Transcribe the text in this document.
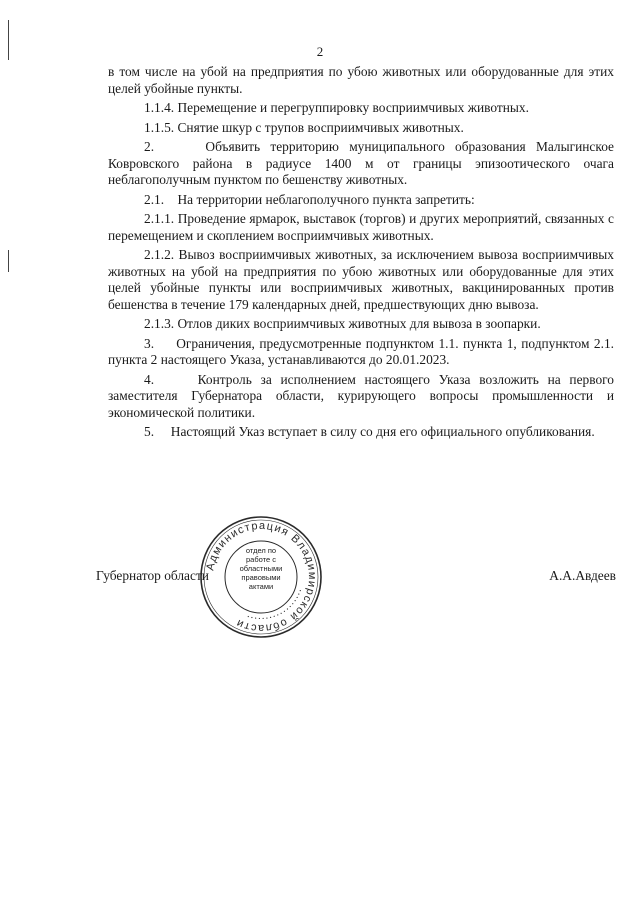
2

в том числе на убой на предприятия по убою животных или оборудованные для этих целей убойные пункты.

1.1.4. Перемещение и перегруппировку восприимчивых животных.

1.1.5. Снятие шкур с трупов восприимчивых животных.

2.     Объявить территорию муниципального образования Малыгинское Ковровского района в радиусе 1400 м от границы эпизоотического очага неблагополучным пунктом по бешенству животных.

2.1.    На территории неблагополучного пункта запретить:

2.1.1. Проведение ярмарок, выставок (торгов) и других мероприятий, связанных с перемещением и скоплением восприимчивых животных.

2.1.2. Вывоз восприимчивых животных, за исключением вывоза восприимчивых животных на убой на предприятия по убою животных или оборудованные для этих целей убойные пункты или восприимчивых животных, вакцинированных против бешенства в течение 179 календарных дней, предшествующих дню вывоза.

2.1.3. Отлов диких восприимчивых животных для вывоза в зоопарки.

3.     Ограничения, предусмотренные подпунктом 1.1. пункта 1, подпунктом 2.1. пункта 2 настоящего Указа, устанавливаются до 20.01.2023.

4.     Контроль за исполнением настоящего Указа возложить на первого заместителя Губернатора области, курирующего вопросы промышленности и экономической политики.

5.     Настоящий Указ вступает в силу со дня его официального опубликования.

Администрация Владимирской области
• • • • • • • • • • • • • • • • • •
отдел по работе с областными правовыми актами
Губернатор области	А.А.Авдеев
